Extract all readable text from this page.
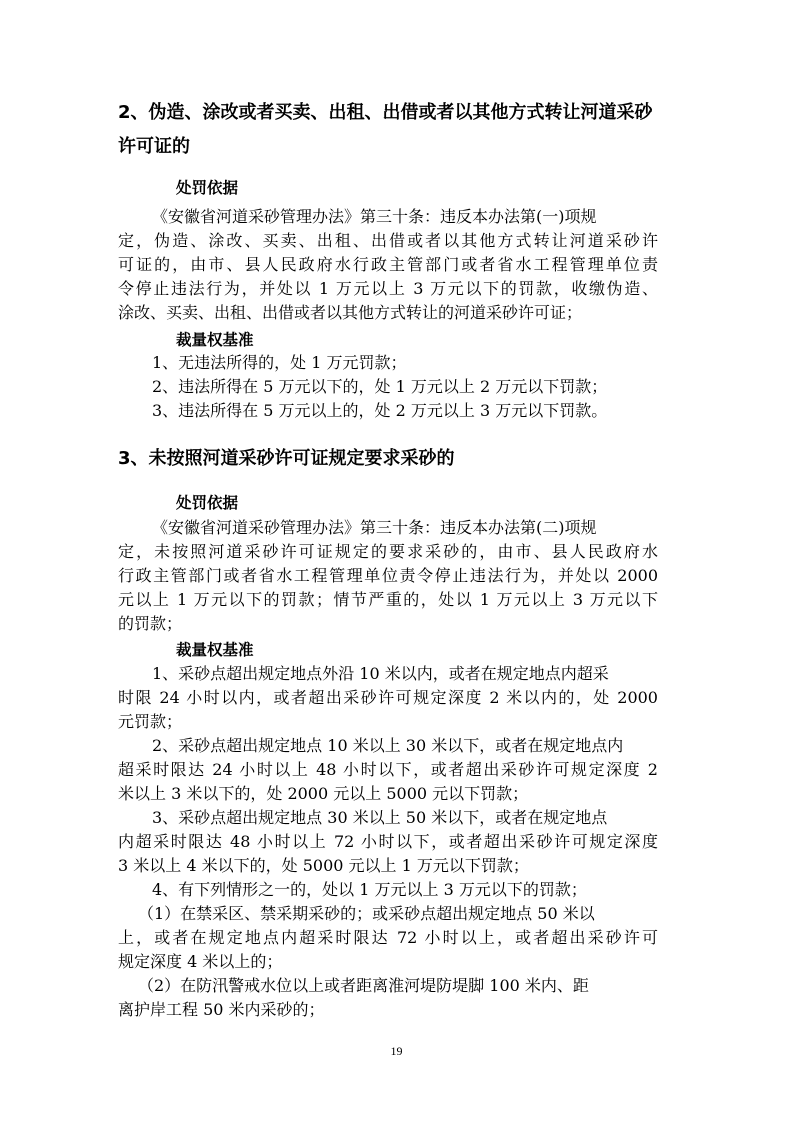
2、伪造、涂改或者买卖、出租、出借或者以其他方式转让河道采砂
许可证的
处罚依据
《安徽省河道采砂管理办法》第三十条：违反本办法第(一)项规
定，伪造、涂改、买卖、出租、出借或者以其他方式转让河道采砂许
可证的，由市、县人民政府水行政主管部门或者省水工程管理单位责
令停止违法行为，并处以 1 万元以上 3 万元以下的罚款，收缴伪造、
涂改、买卖、出租、出借或者以其他方式转让的河道采砂许可证；
裁量权基准
1、无违法所得的，处 1 万元罚款；
2、违法所得在 5 万元以下的，处 1 万元以上 2 万元以下罚款；
3、违法所得在 5 万元以上的，处 2 万元以上 3 万元以下罚款。
3、未按照河道采砂许可证规定要求采砂的
处罚依据
《安徽省河道采砂管理办法》第三十条：违反本办法第(二)项规
定，未按照河道采砂许可证规定的要求采砂的，由市、县人民政府水
行政主管部门或者省水工程管理单位责令停止违法行为，并处以 2000
元以上 1 万元以下的罚款；情节严重的，处以 1 万元以上 3 万元以下
的罚款；
裁量权基准
1、采砂点超出规定地点外沿 10 米以内，或者在规定地点内超采
时限 24 小时以内，或者超出采砂许可规定深度 2 米以内的，处 2000
元罚款；
2、采砂点超出规定地点 10 米以上 30 米以下，或者在规定地点内
超采时限达 24 小时以上 48 小时以下，或者超出采砂许可规定深度 2
米以上 3 米以下的，处 2000 元以上 5000 元以下罚款；
3、采砂点超出规定地点 30 米以上 50 米以下，或者在规定地点
内超采时限达 48 小时以上 72 小时以下，或者超出采砂许可规定深度
3 米以上 4 米以下的，处 5000 元以上 1 万元以下罚款；
4、有下列情形之一的，处以 1 万元以上 3 万元以下的罚款；
（1）在禁采区、禁采期采砂的；或采砂点超出规定地点 50 米以
上，或者在规定地点内超采时限达 72 小时以上，或者超出采砂许可
规定深度 4 米以上的；
（2）在防汛警戒水位以上或者距离淮河堤防堤脚 100 米内、距
离护岸工程 50 米内采砂的；
19
